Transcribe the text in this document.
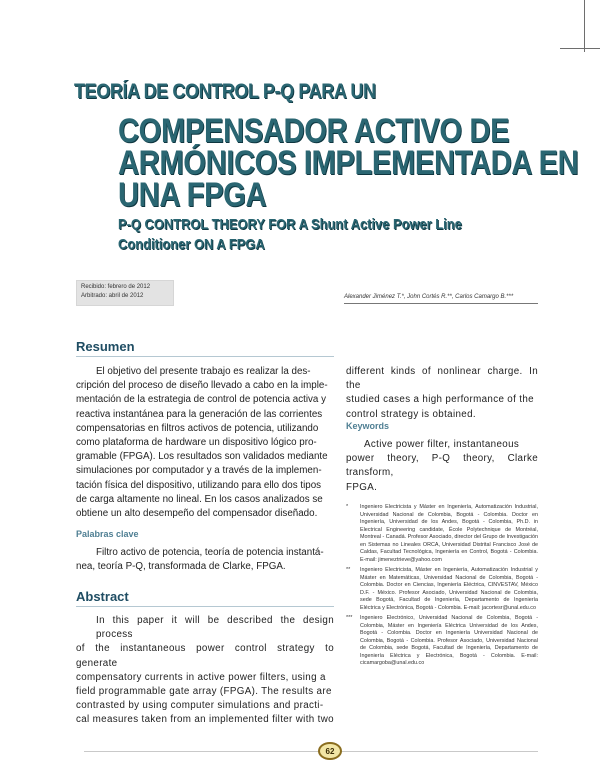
TEORÍA DE CONTROL P-Q PARA UN
COMPENSADOR ACTIVO DE
ARMÓNICOS IMPLEMENTADA EN
UNA FPGA
P-Q CONTROL THEORY FOR A Shunt Active Power Line
Conditioner ON A FPGA
Recibido: febrero de 2012
Arbitrado: abril de 2012	Alexander Jiménez T.*, John Cortés R.**, Carlos Camargo B.***
Resumen
El objetivo del presente trabajo es realizar la des-
cripción del proceso de diseño llevado a cabo en la imple-
mentación de la estrategia de control de potencia activa y
reactiva instantánea para la generación de las corrientes
compensatorias en filtros activos de potencia, utilizando
como plataforma de hardware un dispositivo lógico pro-
gramable (FPGA). Los resultados son validados mediante
simulaciones por computador y a través de la implemen-
tación física del dispositivo, utilizando para ello dos tipos
de carga altamente no lineal. En los casos analizados se
obtiene un alto desempeño del compensador diseñado.
Palabras clave
Filtro activo de potencia, teoría de potencia instantá-
nea, teoría P-Q, transformada de Clarke, FPGA.
Abstract
In this paper it will be described the design process
of the instantaneous power control strategy to generate
compensatory currents in active power filters, using a
field programmable gate array (FPGA). The results are
contrasted by using computer simulations and practi-
cal measures taken from an implemented filter with two
different kinds of nonlinear charge. In the
studied cases a high performance of the
control strategy is obtained.
Keywords
Active power filter, instantaneous
power theory, P-Q theory, Clarke transform,
FPGA.
* Ingeniero Electricista y Máster en Ingeniería, Automatización Industrial, Universidad Nacional de Colombia, Bogotá - Colombia. Doctor en Ingeniería, Universidad de los Andes, Bogotá - Colombia, Ph.D. in Electrical Engineering candidate, École Polytechnique de Montréal, Montreal - Canadá. Profesor Asociado, director del Grupo de Investigación en Sistemas no Lineales ORCA, Universidad Distrital Francisco José de Caldas, Facultad Tecnológica, Ingeniería en Control, Bogotá - Colombia. E-mail: jimeneztrieve@yahoo.com
** Ingeniero Electricista, Máster en Ingeniería, Automatización Industrial y Máster en Matemáticas, Universidad Nacional de Colombia, Bogotá - Colombia. Doctor en Ciencias, Ingeniería Eléctrica, CINVESTAV, México D.F. - México. Profesor Asociado, Universidad Nacional de Colombia, sede Bogotá, Facultad de Ingeniería, Departamento de Ingeniería Eléctrica y Electrónica, Bogotá - Colombia. E-mail: jacortesr@unal.edu.co
*** Ingeniero Electrónico, Universidad Nacional de Colombia, Bogotá - Colombia, Máster en Ingeniería Eléctrica Universidad de los Andes, Bogotá - Colombia. Doctor en Ingeniería Universidad Nacional de Colombia, Bogotá - Colombia. Profesor Asociado, Universidad Nacional de Colombia, sede Bogotá, Facultad de Ingeniería, Departamento de Ingeniería Eléctrica y Electrónica, Bogotá - Colombia. E-mail: cicamargoba@unal.edu.co
62
